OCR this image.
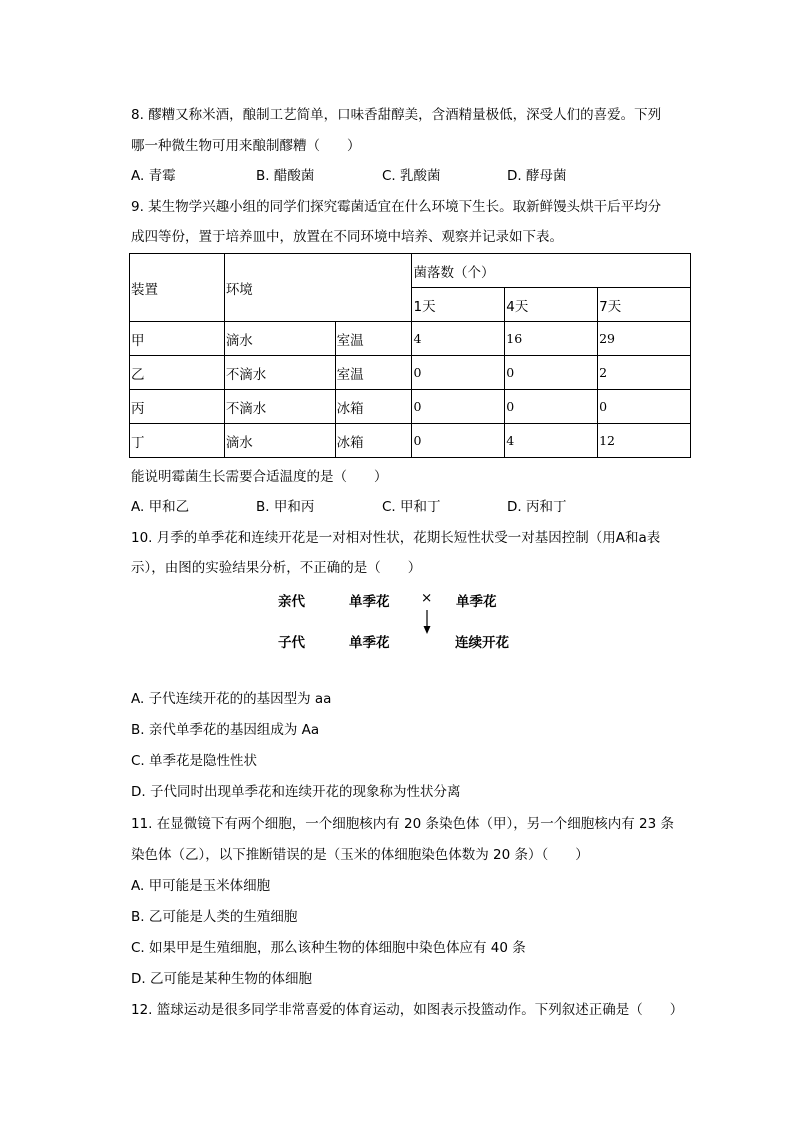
8. 醪糟又称米酒，酿制工艺简单，口味香甜醇美，含酒精量极低，深受人们的喜爱。下列
哪一种微生物可用来酿制醪糟（　　）
A. 青霉	B. 醋酸菌	C. 乳酸菌	D. 酵母菌
9. 某生物学兴趣小组的同学们探究霉菌适宜在什么环境下生长。取新鲜馒头烘干后平均分
成四等份，置于培养皿中，放置在不同环境中培养、观察并记录如下表。
装置	环境		菌落数（个）		
			1天	4天	7天
甲	滴水	室温	4	16	29
乙	不滴水	室温	0	0	2
丙	不滴水	冰箱	0	0	0
丁	滴水	冰箱	0	4	12
能说明霉菌生长需要合适温度的是（　　）
A. 甲和乙	B. 甲和丙	C. 甲和丁	D. 丙和丁
10. 月季的单季花和连续开花是一对相对性状，花期长短性状受一对基因控制（用A和a表
示），由图的实验结果分析，不正确的是（　　）
亲代	单季花 × 单季花
子代	单季花	连续开花
A. 子代连续开花的的基因型为 aa
B. 亲代单季花的基因组成为 Aa
C. 单季花是隐性性状
D. 子代同时出现单季花和连续开花的现象称为性状分离
11. 在显微镜下有两个细胞，一个细胞核内有 20 条染色体（甲），另一个细胞核内有 23 条
染色体（乙），以下推断错误的是（玉米的体细胞染色体数为 20 条）（　　）
A. 甲可能是玉米体细胞
B. 乙可能是人类的生殖细胞
C. 如果甲是生殖细胞，那么该种生物的体细胞中染色体应有 40 条
D. 乙可能是某种生物的体细胞
12. 篮球运动是很多同学非常喜爱的体育运动，如图表示投篮动作。下列叙述正确是（　　）
